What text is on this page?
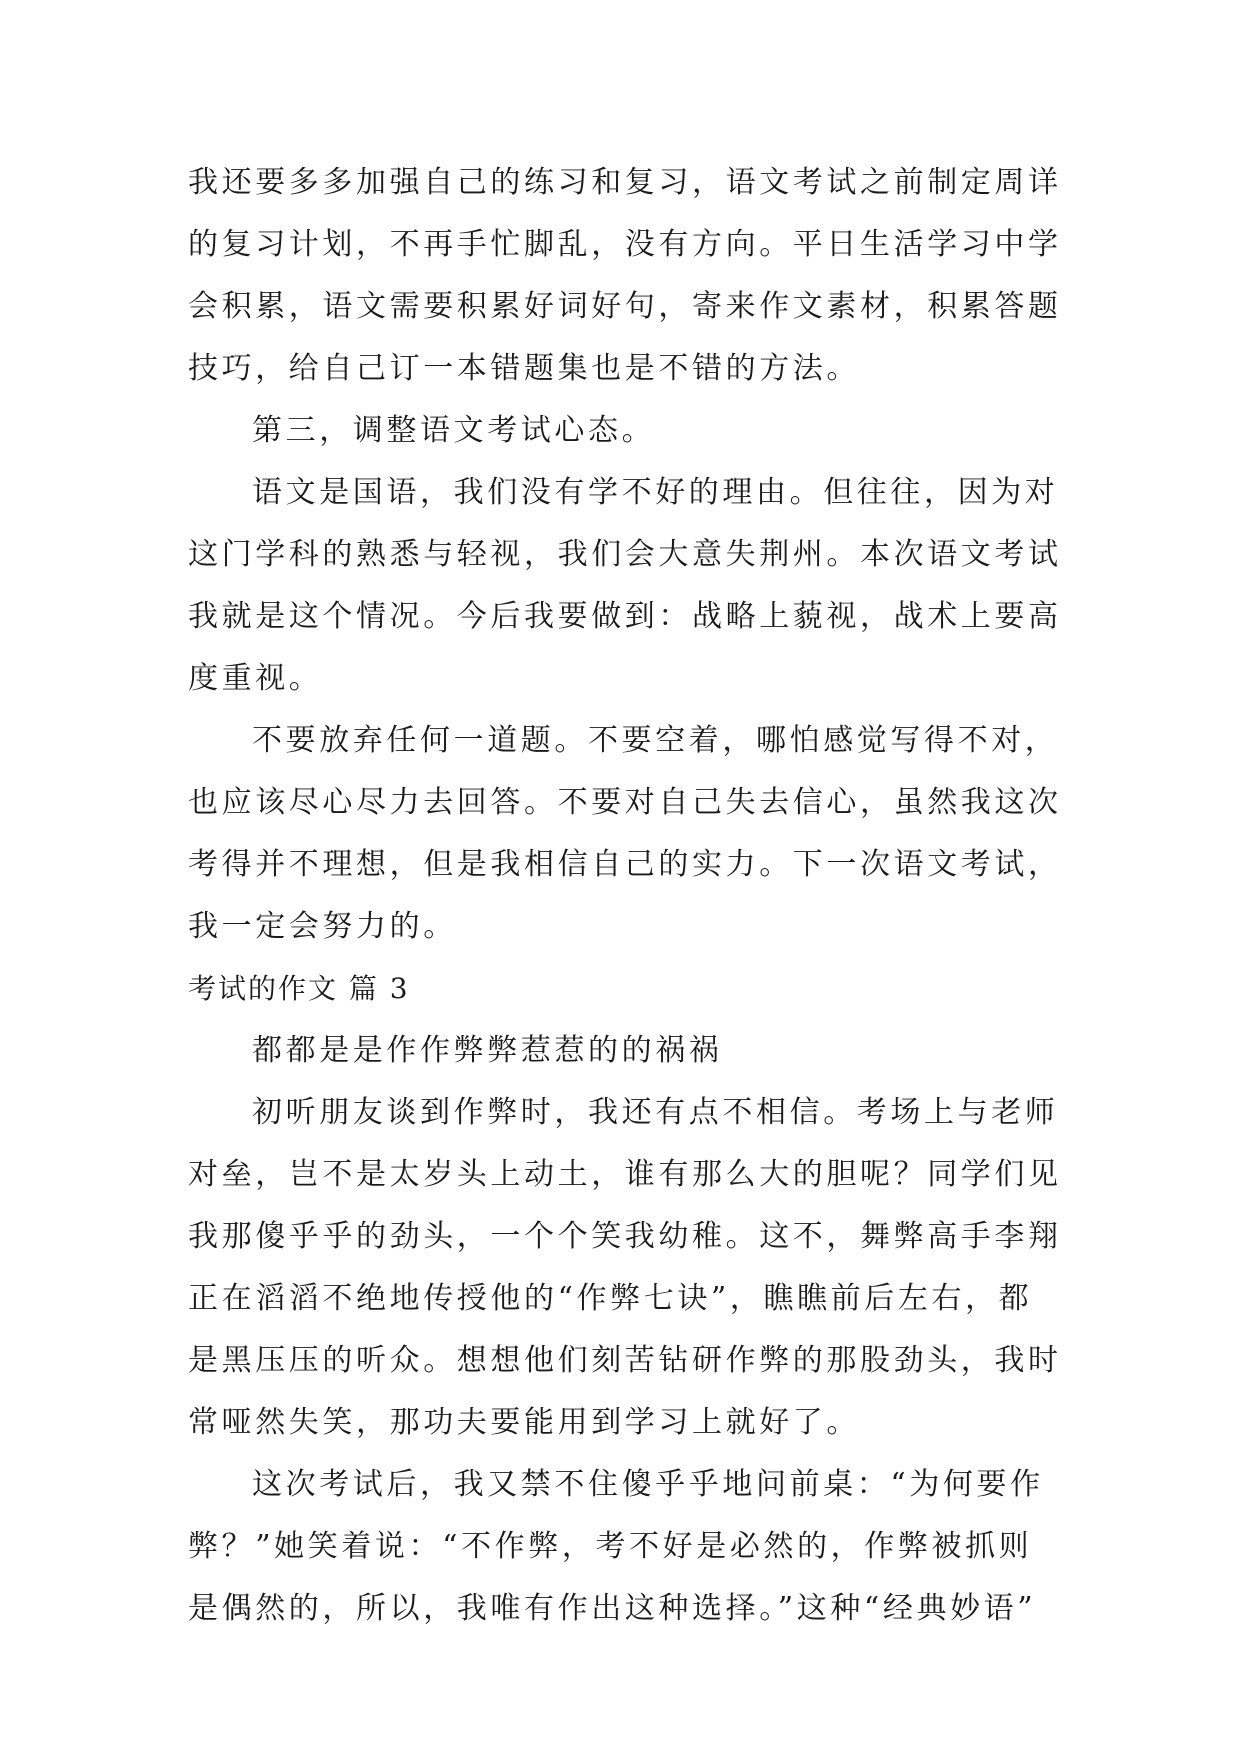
我还要多多加强自己的练习和复习，语文考试之前制定周详
的复习计划，不再手忙脚乱，没有方向。平日生活学习中学
会积累，语文需要积累好词好句，寄来作文素材，积累答题
技巧，给自己订一本错题集也是不错的方法。
第三，调整语文考试心态。
语文是国语，我们没有学不好的理由。但往往，因为对
这门学科的熟悉与轻视，我们会大意失荆州。本次语文考试
我就是这个情况。今后我要做到：战略上藐视，战术上要高
度重视。
不要放弃任何一道题。不要空着，哪怕感觉写得不对，
也应该尽心尽力去回答。不要对自己失去信心，虽然我这次
考得并不理想，但是我相信自己的实力。下一次语文考试，
我一定会努力的。
考试的作文 篇 3
都都是是作作弊弊惹惹的的祸祸
初听朋友谈到作弊时，我还有点不相信。考场上与老师
对垒，岂不是太岁头上动土，谁有那么大的胆呢？同学们见
我那傻乎乎的劲头，一个个笑我幼稚。这不，舞弊高手李翔
正在滔滔不绝地传授他的“作弊七诀”，瞧瞧前后左右，都
是黑压压的听众。想想他们刻苦钻研作弊的那股劲头，我时
常哑然失笑，那功夫要能用到学习上就好了。
这次考试后，我又禁不住傻乎乎地问前桌：“为何要作
弊？”她笑着说：“不作弊，考不好是必然的，作弊被抓则
是偶然的，所以，我唯有作出这种选择。”这种“经典妙语”
